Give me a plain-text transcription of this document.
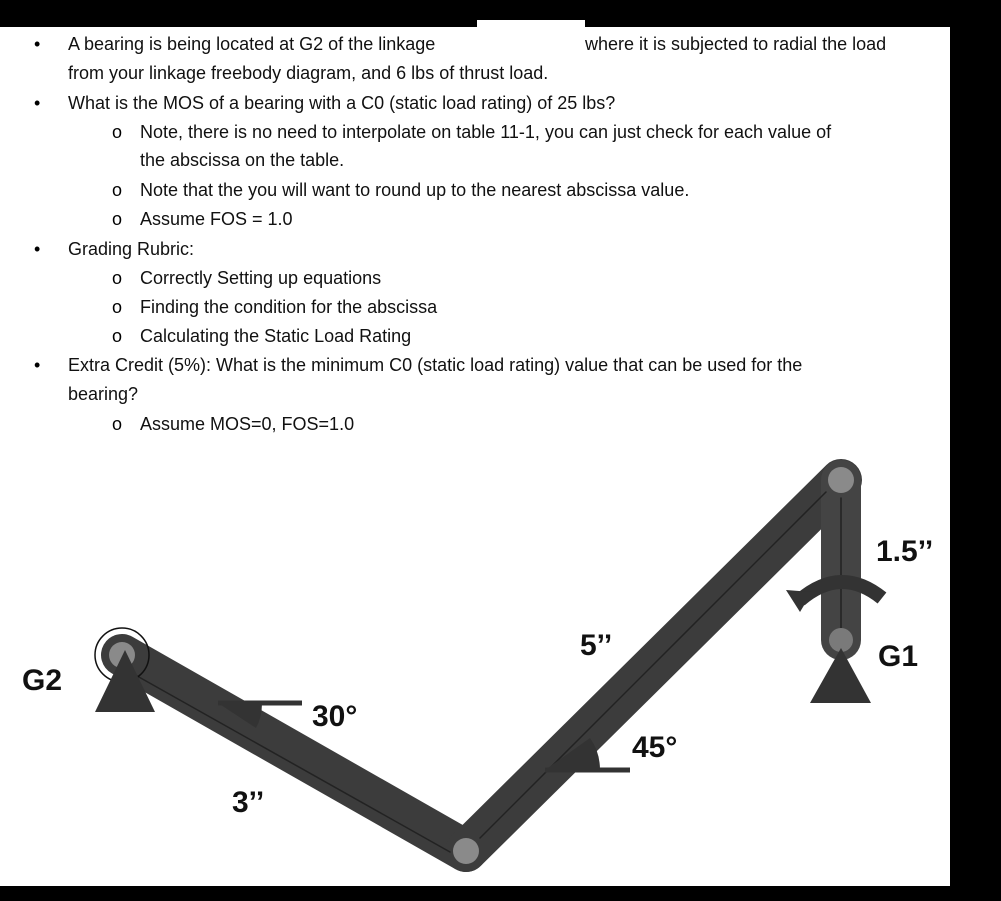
• A bearing is being located at G2 of the linkage	where it is subjected to radial the load
from your linkage freebody diagram, and 6 lbs of thrust load.
• What is the MOS of a bearing with a C0 (static load rating) of 25 lbs?
o Note, there is no need to interpolate on table 11-1, you can just check for each value of
the abscissa on the table.
o Note that the you will want to round up to the nearest abscissa value.
o Assume FOS = 1.0
• Grading Rubric:
o Correctly Setting up equations
o Finding the condition for the abscissa
o Calculating the Static Load Rating
• Extra Credit (5%): What is the minimum C0 (static load rating) value that can be used for the
bearing?
o Assume MOS=0, FOS=1.0
G2
G1
3’’
5’’
1.5’’
30°
45°
